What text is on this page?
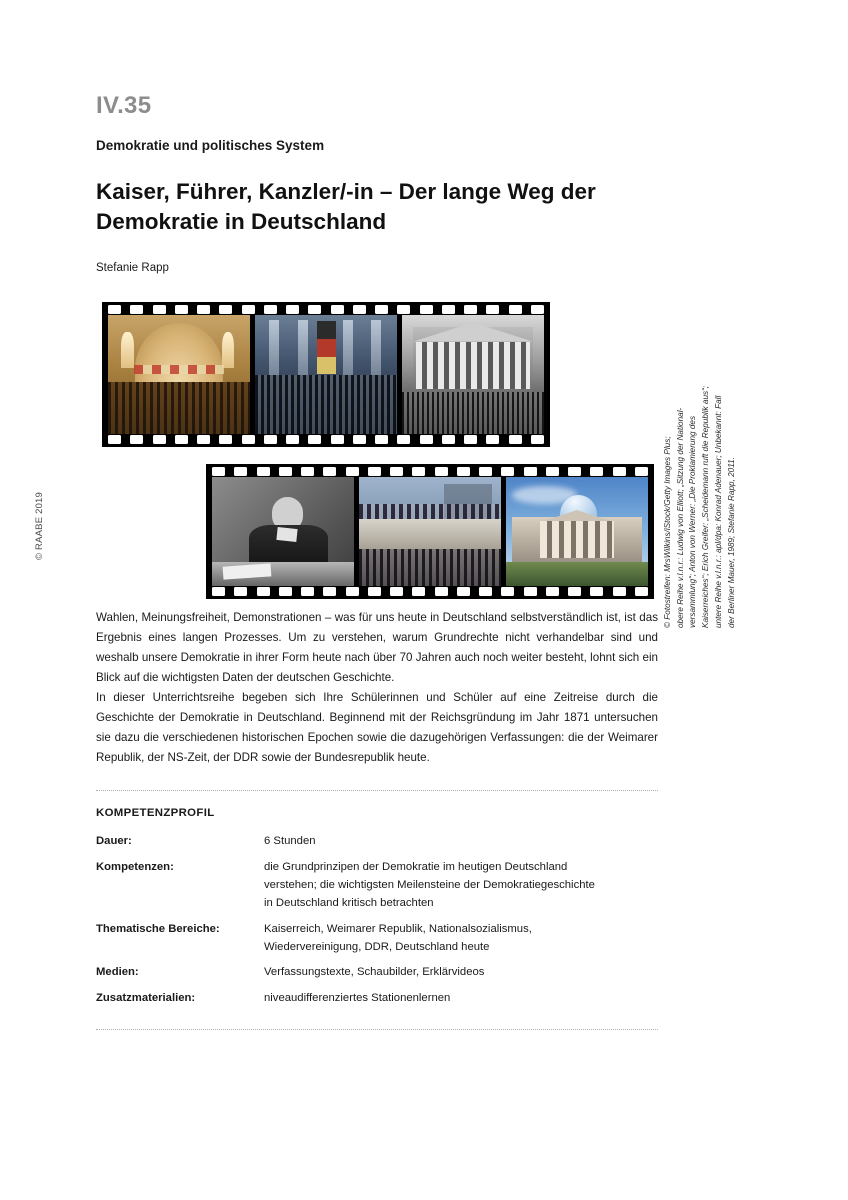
© RAABE 2019
IV.35
Demokratie und politisches System
Kaiser, Führer, Kanzler/-in – Der lange Weg der Demokratie in Deutschland
Stefanie Rapp

Wahlen, Meinungsfreiheit, Demonstrationen – was für uns heute in Deutschland selbstverständlich ist, ist das Ergebnis eines langen Prozesses. Um zu verstehen, warum Grundrechte nicht verhandelbar sind und weshalb unsere Demokratie in ihrer Form heute nach über 70 Jahren auch noch weiter besteht, lohnt sich ein Blick auf die wichtigsten Daten der deutschen Geschichte.

In dieser Unterrichtsreihe begeben sich Ihre Schülerinnen und Schüler auf eine Zeitreise durch die Geschichte der Demokratie in Deutschland. Beginnend mit der Reichsgründung im Jahr 1871 untersuchen sie dazu die verschiedenen historischen Epochen sowie die dazugehörigen Verfassungen: die der Weimarer Republik, der NS-Zeit, der DDR sowie der Bundesrepublik heute.

KOMPETENZPROFIL
Dauer:	6 Stunden

Kompetenzen:	die Grundprinzipen der Demokratie im heutigen Deutschland
verstehen; die wichtigsten Meilensteine der Demokratiegeschichte
in Deutschland kritisch betrachten

Thematische Bereiche:	Kaiserreich, Weimarer Republik, Nationalsozialismus,
Wiedervereinigung, DDR, Deutschland heute

Medien:	Verfassungstexte, Schaubilder, Erklärvideos

Zusatzmaterialien:	niveaudifferenziertes Stationenlernen
© Fotostreifen: MrsWilkins/iStock/Getty Images Plus; obere Reihe v.l.n.r.: Ludwig von Elliott; „Sitzung der National- versammlung“; Anton von Werner: „Die Proklamierung des Kaiserreiches“; Erich Greifer: „Scheidemann ruft die Republik aus“; untere Reihe v.l.n.r.: apl/dpa: Konrad Adenauer; Unbekannt: Fall der Berliner Mauer, 1989; Stefanie Rapp, 2011.
